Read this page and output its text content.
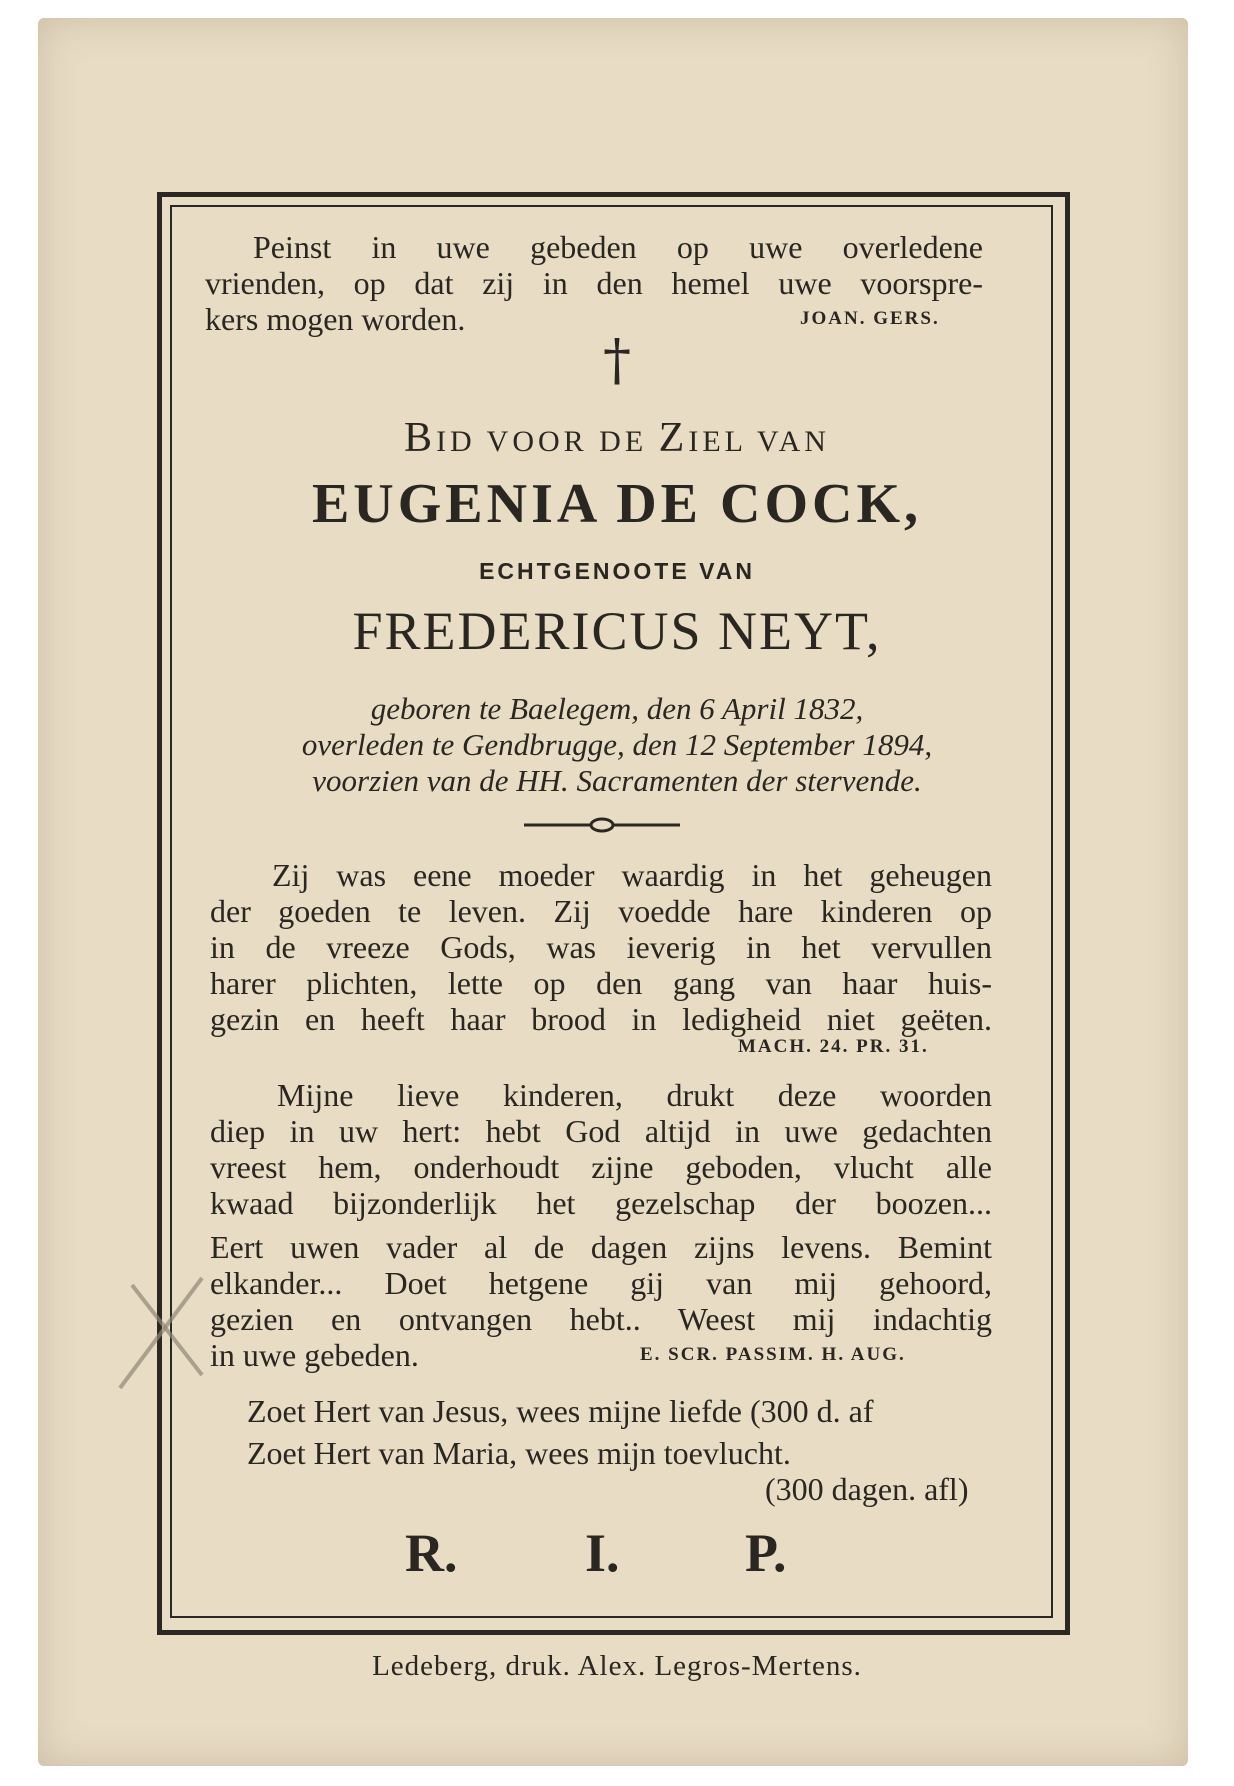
Peinst in uwe gebeden op uwe overledene
vrienden, op dat zij in den hemel uwe voorspre-
kers mogen worden.	JOAN. GERS.
†
BID VOOR DE ZIEL VAN
EUGENIA DE COCK,
ECHTGENOOTE VAN
FREDERICUS NEYT,
geboren te Baelegem, den 6 April 1832,
overleden te Gendbrugge, den 12 September 1894,
voorzien van de HH. Sacramenten der stervende.
Zij was eene moeder waardig in het geheugen
der goeden te leven. Zij voedde hare kinderen op
in de vreeze Gods, was ieverig in het vervullen
harer plichten, lette op den gang van haar huis-
gezin en heeft haar brood in ledigheid niet geëten.
MACH. 24. PR. 31.
Mijne lieve kinderen, drukt deze woorden
diep in uw hert: hebt God altijd in uwe gedachten
vreest hem, onderhoudt zijne geboden, vlucht alle
kwaad bijzonderlijk het gezelschap der boozen...
Eert uwen vader al de dagen zijns levens. Bemint
elkander... Doet hetgene gij van mij gehoord,
gezien en ontvangen hebt.. Weest mij indachtig
in uwe gebeden.	E. SCR. PASSIM. H. AUG.
Zoet Hert van Jesus, wees mijne liefde (300 d. af
Zoet Hert van Maria, wees mijn toevlucht.
(300 dagen. afl)
R. I. P.
Ledeberg, druk. Alex. Legros-Mertens.
